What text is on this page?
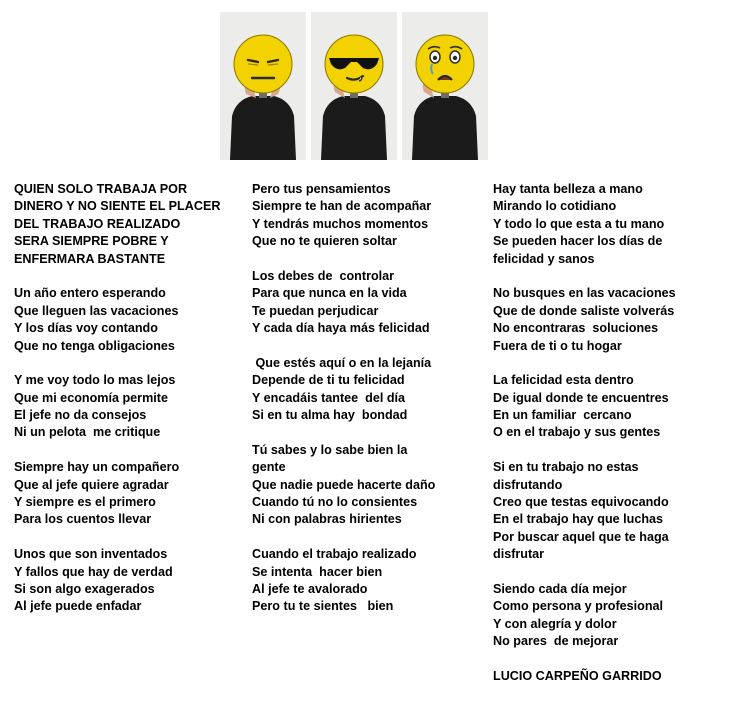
QUIEN SOLO TRABAJA POR
DINERO Y NO SIENTE EL PLACER
DEL TRABAJO REALIZADO
SERA SIEMPRE POBRE Y
ENFERMARA BASTANTE
Un año entero esperando
Que lleguen las vacaciones
Y los días voy contando
Que no tenga obligaciones
Y me voy todo lo mas lejos
Que mi economía permite
El jefe no da consejos
Ni un pelota  me critique
Siempre hay un compañero
Que al jefe quiere agradar
Y siempre es el primero
Para los cuentos llevar
Unos que son inventados
Y fallos que hay de verdad
Si son algo exagerados
Al jefe puede enfadar
Pero tus pensamientos
Siempre te han de acompañar
Y tendrás muchos momentos
Que no te quieren soltar
Los debes de  controlar
Para que nunca en la vida
Te puedan perjudicar
Y cada día haya más felicidad
Que estés aquí o en la lejanía
Depende de ti tu felicidad
Y encadáis tantee  del día
Si en tu alma hay  bondad
Tú sabes y lo sabe bien la
gente
Que nadie puede hacerte daño
Cuando tú no lo consientes
Ni con palabras hirientes
Cuando el trabajo realizado
Se intenta  hacer bien
Al jefe te avalorado
Pero tu te sientes   bien
Hay tanta belleza a mano
Mirando lo cotidiano
Y todo lo que esta a tu mano
Se pueden hacer los días de
felicidad y sanos
No busques en las vacaciones
Que de donde saliste volverás
No encontraras  soluciones
Fuera de ti o tu hogar
La felicidad esta dentro
De igual donde te encuentres
En un familiar  cercano
O en el trabajo y sus gentes
Si en tu trabajo no estas
disfrutando
Creo que testas equivocando
En el trabajo hay que luchas
Por buscar aquel que te haga
disfrutar
Siendo cada día mejor
Como persona y profesional
Y con alegría y dolor
No pares  de mejorar
LUCIO CARPEÑO GARRIDO
